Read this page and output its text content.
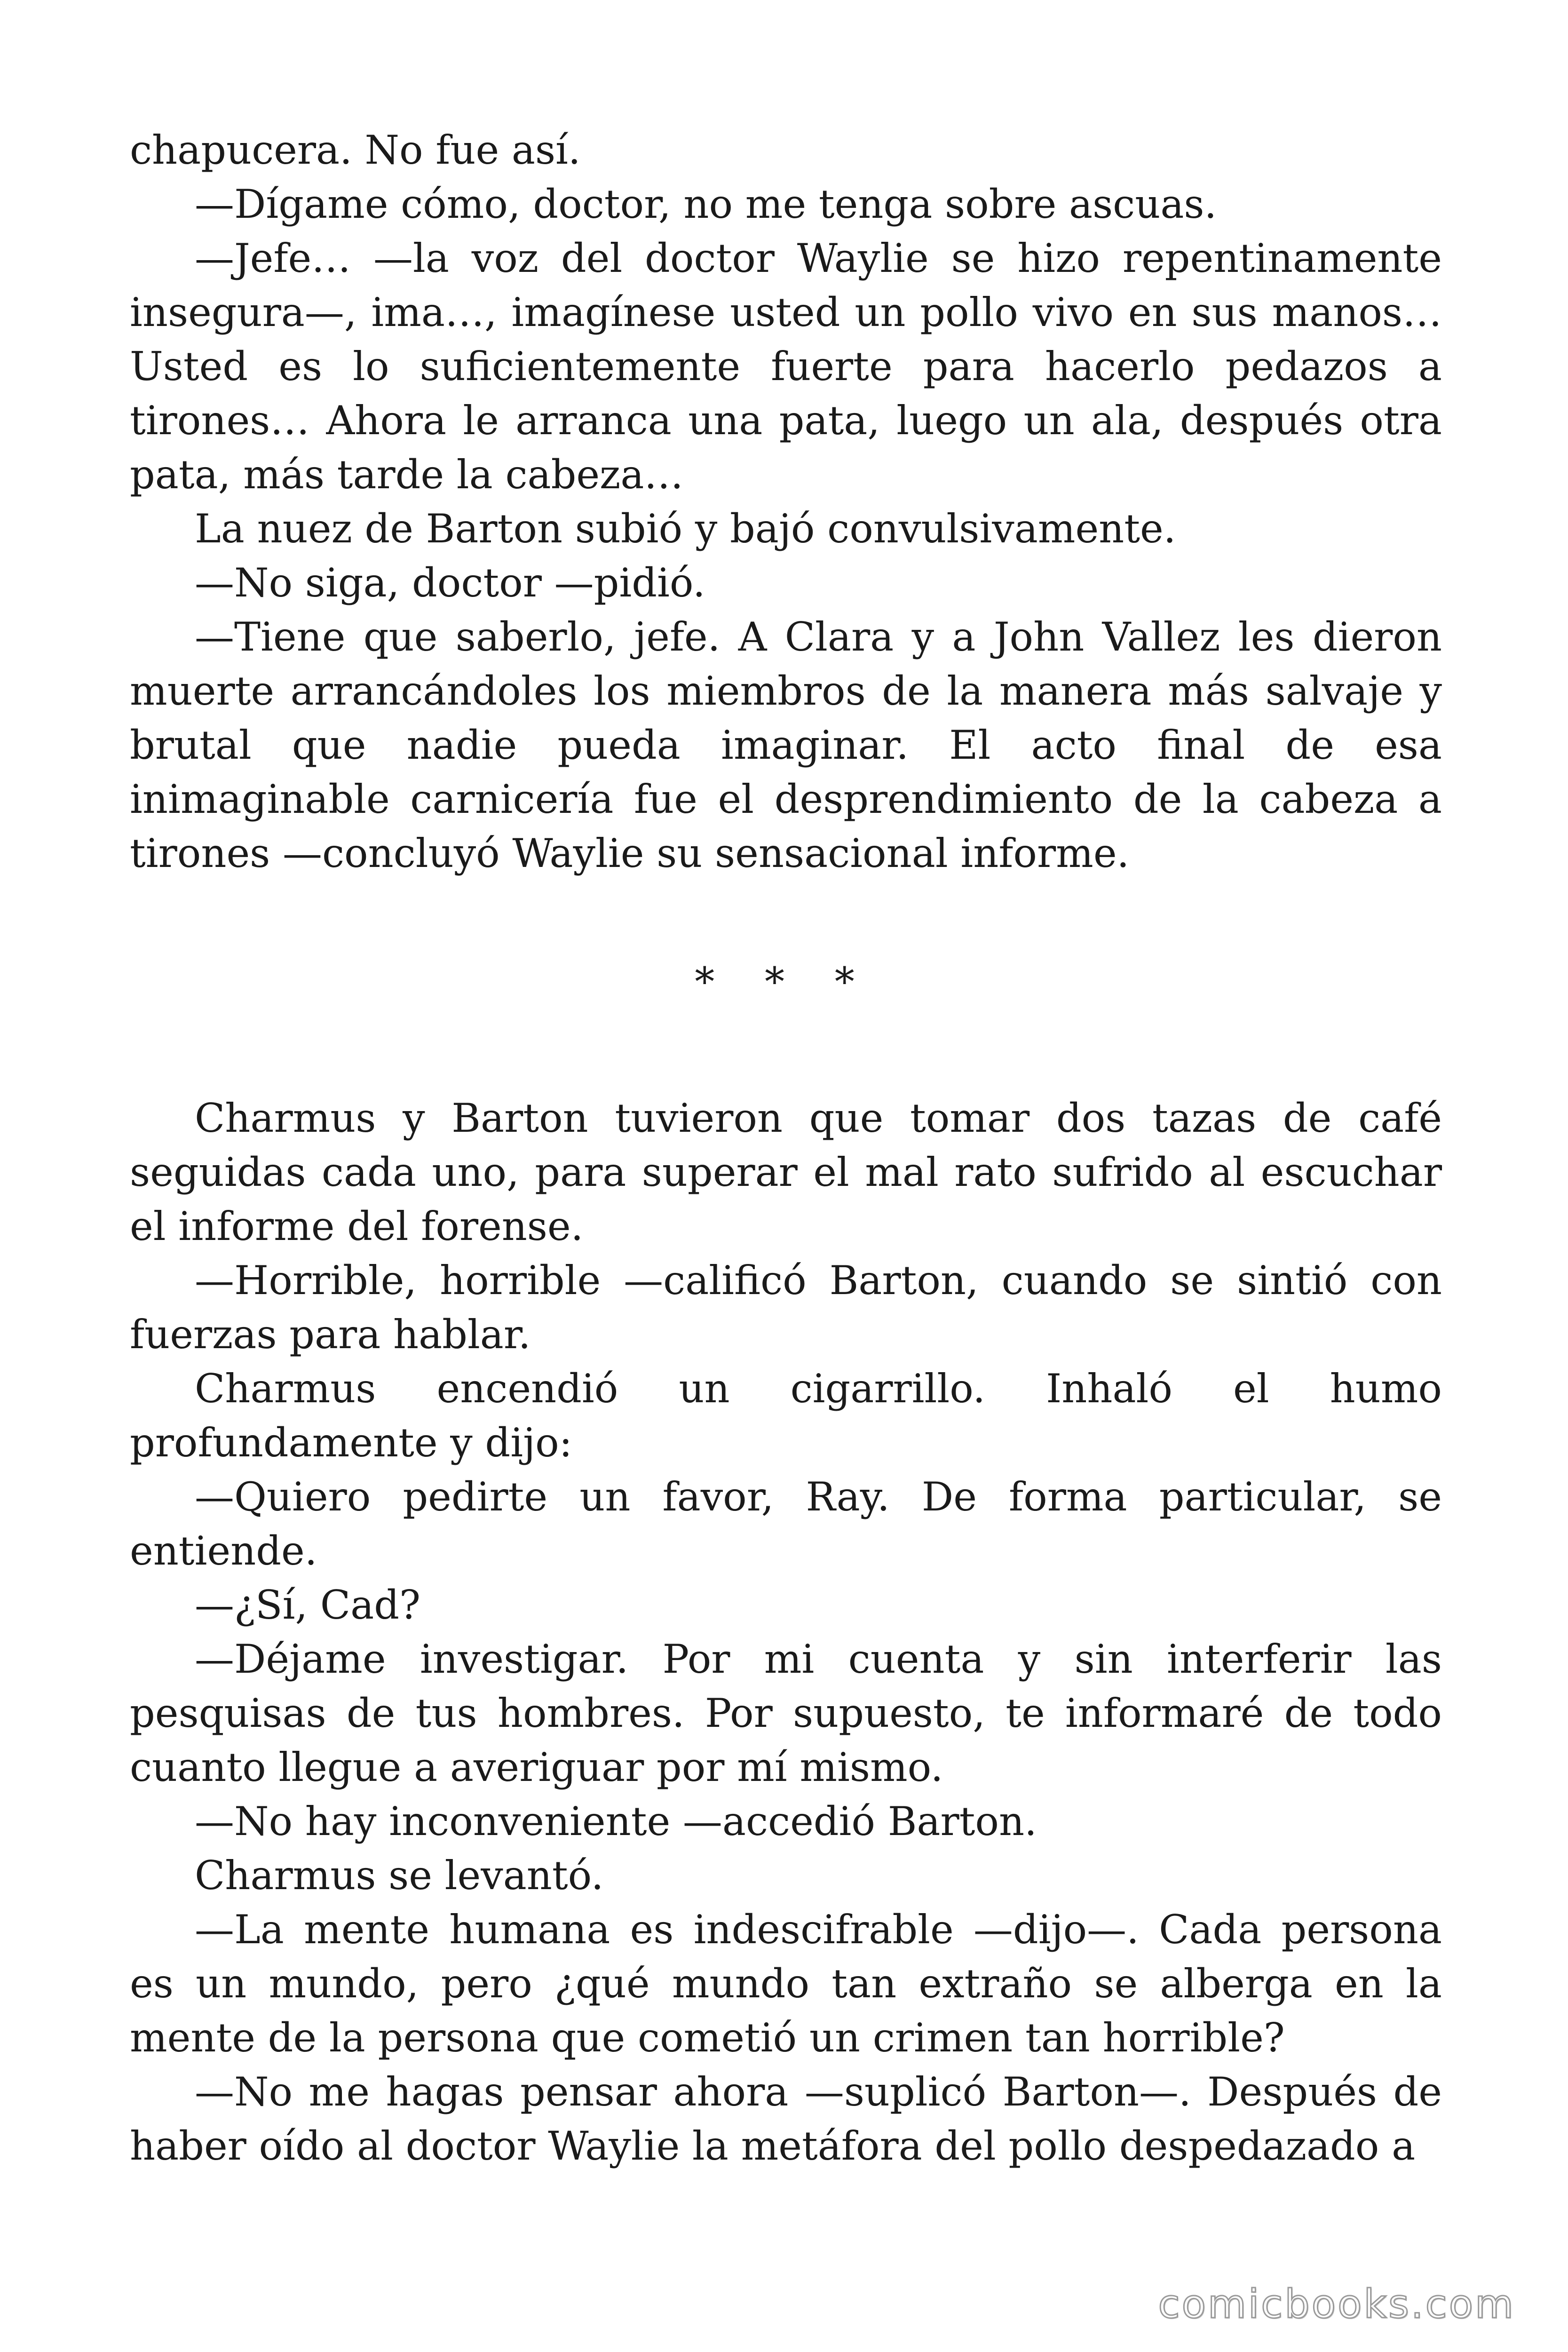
chapucera. No fue así.

—Dígame cómo, doctor, no me tenga sobre ascuas.

—Jefe… —la voz del doctor Waylie se hizo repentinamente insegura—, ima…, imagínese usted un pollo vivo en sus manos… Usted es lo suficientemente fuerte para hacerlo pedazos a tirones… Ahora le arranca una pata, luego un ala, después otra pata, más tarde la cabeza…

La nuez de Barton subió y bajó convulsivamente.

—No siga, doctor —pidió.

—Tiene que saberlo, jefe. A Clara y a John Vallez les dieron muerte arrancándoles los miembros de la manera más salvaje y brutal que nadie pueda imaginar. El acto final de esa inimaginable carnicería fue el desprendimiento de la cabeza a tirones —concluyó Waylie su sensacional informe.

* * *

Charmus y Barton tuvieron que tomar dos tazas de café seguidas cada uno, para superar el mal rato sufrido al escuchar el informe del forense.

—Horrible, horrible —calificó Barton, cuando se sintió con fuerzas para hablar.

Charmus encendió un cigarrillo. Inhaló el humo profundamente y dijo:

—Quiero pedirte un favor, Ray. De forma particular, se entiende.

—¿Sí, Cad?

—Déjame investigar. Por mi cuenta y sin interferir las pesquisas de tus hombres. Por supuesto, te informaré de todo cuanto llegue a averiguar por mí mismo.

—No hay inconveniente —accedió Barton.

Charmus se levantó.

—La mente humana es indescifrable —dijo—. Cada persona es un mundo, pero ¿qué mundo tan extraño se alberga en la mente de la persona que cometió un crimen tan horrible?

—No me hagas pensar ahora —suplicó Barton—. Después de haber oído al doctor Waylie la metáfora del pollo despedazado a

comicbooks.com
